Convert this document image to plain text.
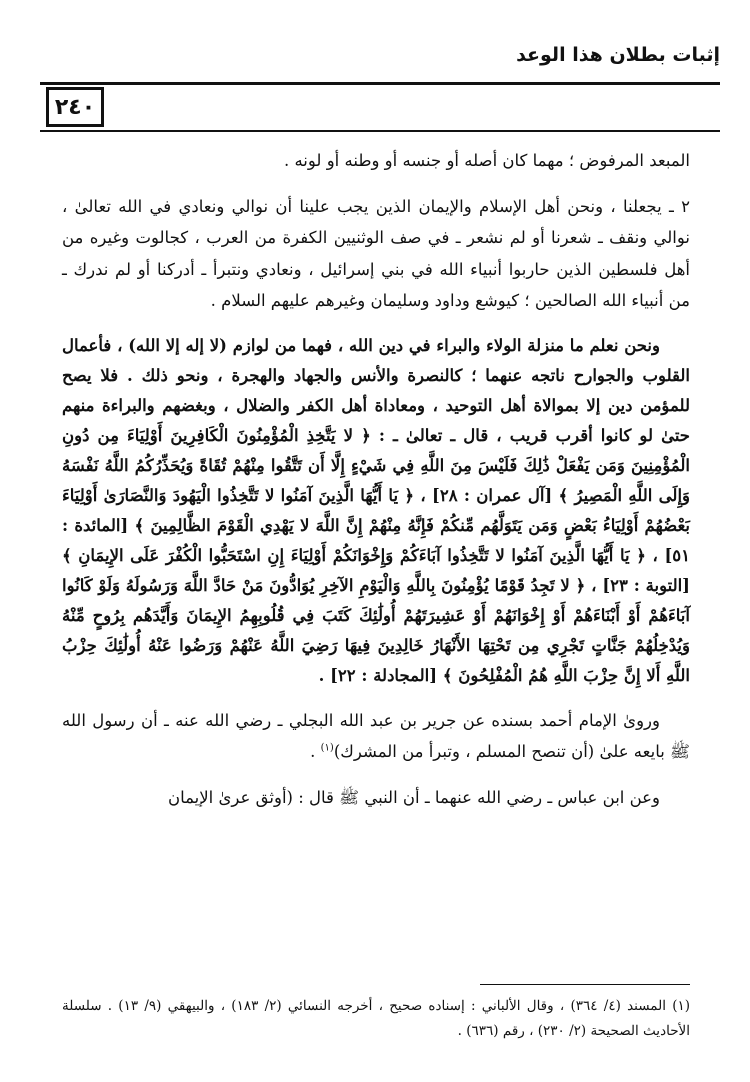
إثبات بطلان هذا الوعد
٢٤٠

المبعد المرفوض ؛ مهما كان أصله أو جنسه أو وطنه أو لونه .

٢ ـ يجعلنا ، ونحن أهل الإسلام والإيمان الذين يجب علينا أن نوالي ونعادي في الله تعالىٰ ، نوالي ونقف ـ شعرنا أو لم نشعر ـ في صف الوثنيين الكفرة من العرب ، كجالوت وغيره من أهل فلسطين الذين حاربوا أنبياء الله في بني إسرائيل ، ونعادي ونتبرأ ـ أدركنا أو لم ندرك ـ من أنبياء الله الصالحين ؛ كيوشع وداود وسليمان وغيرهم عليهم السلام .

ونحن نعلم ما منزلة الولاء والبراء في دين الله ، فهما من لوازم (لا إله إلا الله) ، فأعمال القلوب والجوارح ناتجه عنهما ؛ كالنصرة والأنس والجهاد والهجرة ، ونحو ذلك . فلا يصح للمؤمن دين إلا بموالاة أهل التوحيد ، ومعاداة أهل الكفر والضلال ، وبغضهم والبراءة منهم حتىٰ لو كانوا أقرب قريب ، قال ـ تعالىٰ ـ : ﴿ لا يَتَّخِذِ الْمُؤْمِنُونَ الْكَافِرِينَ أَوْلِيَاءَ مِن دُونِ الْمُؤْمِنِينَ وَمَن يَفْعَلْ ذَٰلِكَ فَلَيْسَ مِنَ اللَّهِ فِي شَيْءٍ إِلَّا أَن تَتَّقُوا مِنْهُمْ تُقَاةً وَيُحَذِّرُكُمُ اللَّهُ نَفْسَهُ وَإِلَى اللَّهِ الْمَصِيرُ ﴾ [آل عمران : ٢٨] ، ﴿ يَا أَيُّهَا الَّذِينَ آمَنُوا لا تَتَّخِذُوا الْيَهُودَ وَالنَّصَارَىٰ أَوْلِيَاءَ بَعْضُهُمْ أَوْلِيَاءُ بَعْضٍ وَمَن يَتَوَلَّهُم مِّنكُمْ فَإِنَّهُ مِنْهُمْ إِنَّ اللَّهَ لا يَهْدِي الْقَوْمَ الظَّالِمِينَ ﴾ [المائدة : ٥١] ، ﴿ يَا أَيُّهَا الَّذِينَ آمَنُوا لا تَتَّخِذُوا آبَاءَكُمْ وَإِخْوَانَكُمْ أَوْلِيَاءَ إِنِ اسْتَحَبُّوا الْكُفْرَ عَلَى الإِيمَانِ ﴾ [التوبة : ٢٣] ، ﴿ لا تَجِدُ قَوْمًا يُؤْمِنُونَ بِاللَّهِ وَالْيَوْمِ الآخِرِ يُوَادُّونَ مَنْ حَادَّ اللَّهَ وَرَسُولَهُ وَلَوْ كَانُوا آبَاءَهُمْ أَوْ أَبْنَاءَهُمْ أَوْ إِخْوَانَهُمْ أَوْ عَشِيرَتَهُمْ أُولَٰئِكَ كَتَبَ فِي قُلُوبِهِمُ الإِيمَانَ وَأَيَّدَهُم بِرُوحٍ مِّنْهُ وَيُدْخِلُهُمْ جَنَّاتٍ تَجْرِي مِن تَحْتِهَا الأَنْهَارُ خَالِدِينَ فِيهَا رَضِيَ اللَّهُ عَنْهُمْ وَرَضُوا عَنْهُ أُولَٰئِكَ حِزْبُ اللَّهِ أَلا إِنَّ حِزْبَ اللَّهِ هُمُ الْمُفْلِحُونَ ﴾ [المجادلة : ٢٢] .

وروىٰ الإمام أحمد بسنده عن جرير بن عبد الله البجلي ـ رضي الله عنه ـ أن رسول الله ﷺ بايعه علىٰ (أن تنصح المسلم ، وتبرأ من المشرك)$^{(١)}$ .

وعن ابن عباس ـ رضي الله عنهما ـ أن النبي ﷺ قال : (أوثق عرىٰ الإيمان

(١) المسند (٤/ ٣٦٤) ، وقال الألباني : إسناده صحيح ، أخرجه النسائي (٢/ ١٨٣) ، والبيهقي (٩/ ١٣) . سلسلة الأحاديث الصحيحة (٢/ ٢٣٠) ، رقم (٦٣٦) .
